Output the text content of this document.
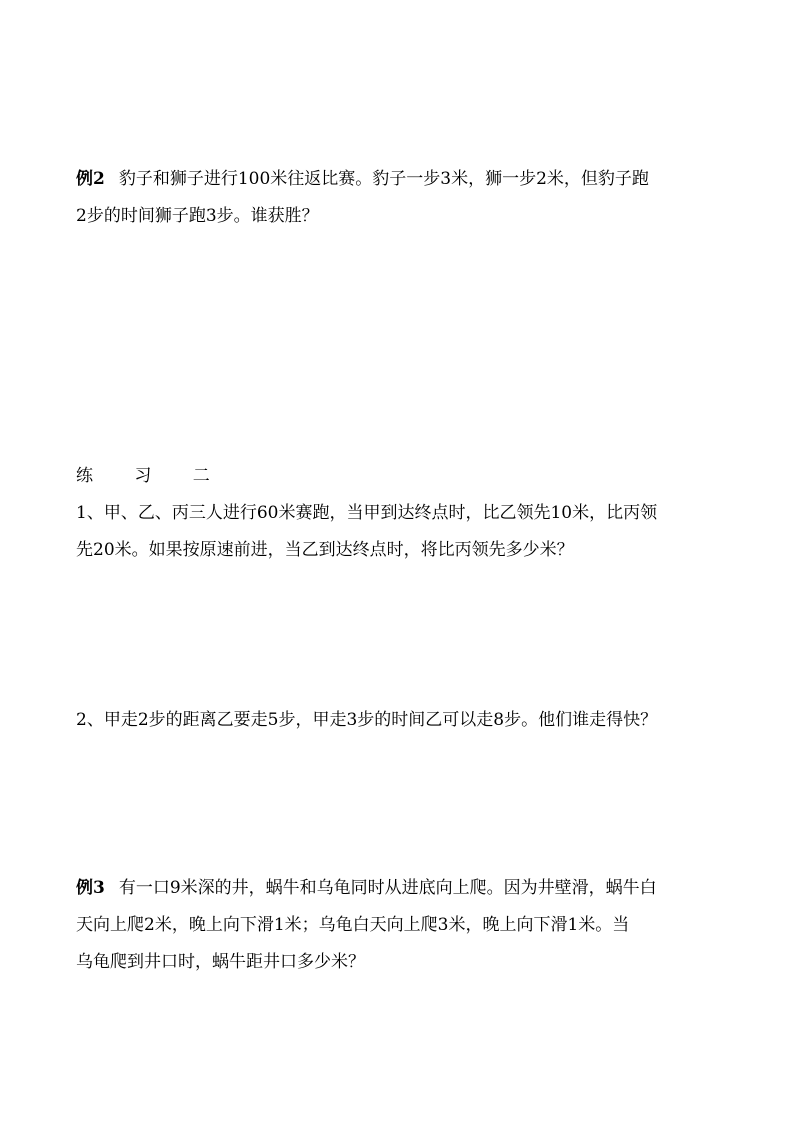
例2 豹子和狮子进行100米往返比赛。豹子一步3米，狮一步2米，但豹子跑
2步的时间狮子跑3步。谁获胜？
练 习 二
1、甲、乙、丙三人进行60米赛跑，当甲到达终点时，比乙领先10米，比丙领
先20米。如果按原速前进，当乙到达终点时，将比丙领先多少米？
2、甲走2步的距离乙要走5步，甲走3步的时间乙可以走8步。他们谁走得快？
例3 有一口9米深的井，蜗牛和乌龟同时从进底向上爬。因为井壁滑，蜗牛白
天向上爬2米，晚上向下滑1米；乌龟白天向上爬3米，晚上向下滑1米。当
乌龟爬到井口时，蜗牛距井口多少米？
